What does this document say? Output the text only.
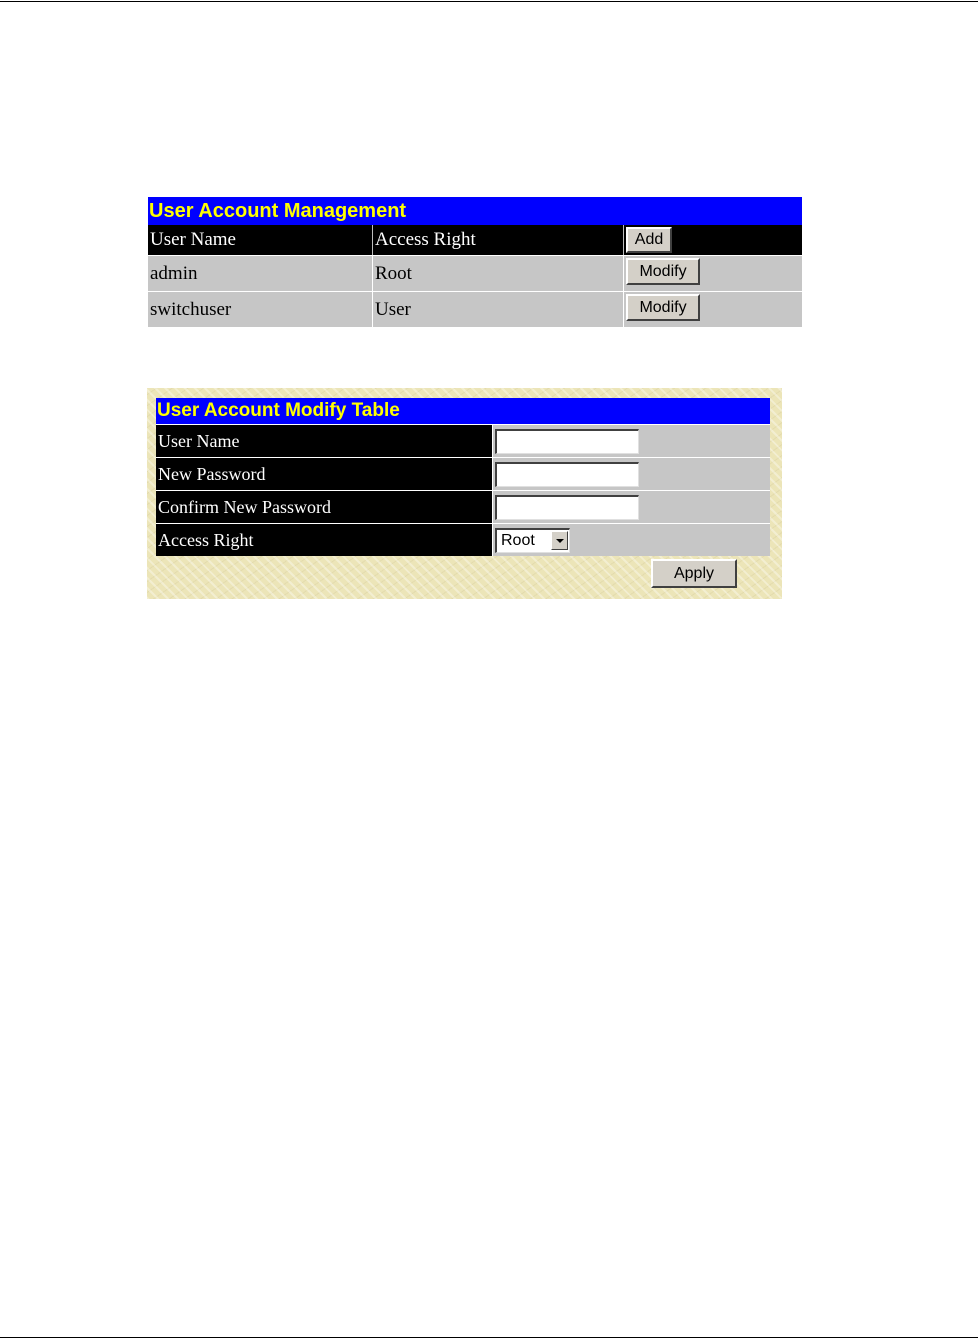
User Account Management
User Name	Access Right	Add
admin	Root	Modify
switchuser	User	Modify
User Account Modify Table
User Name
New Password
Confirm New Password
Access Right	Root
Apply
